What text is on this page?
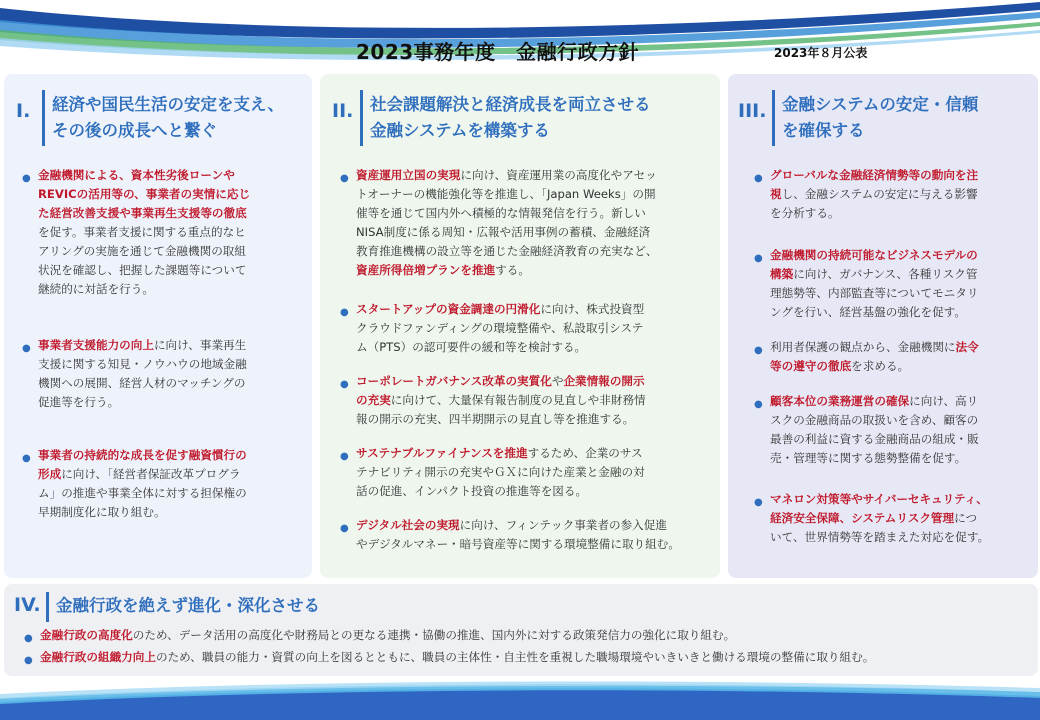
2023事務年度　金融行政方針	2023年８月公表
I. 経済や国民生活の安定を支え、
その後の成長へと繋ぐ
● 金融機関による、資本性劣後ローンや
REVICの活用等の、事業者の実情に応じ
た経営改善支援や事業再生支援等の徹底
を促す。事業者支援に関する重点的なヒ
アリングの実施を通じて金融機関の取組
状況を確認し、把握した課題等について
継続的に対話を行う。
● 事業者支援能力の向上に向け、事業再生
支援に関する知見・ノウハウの地域金融
機関への展開、経営人材のマッチングの
促進等を行う。
● 事業者の持続的な成長を促す融資慣行の
形成に向け、「経営者保証改革プログラ
ム」の推進や事業全体に対する担保権の
早期制度化に取り組む。
II. 社会課題解決と経済成長を両立させる
金融システムを構築する
● 資産運用立国の実現に向け、資産運用業の高度化やアセッ
トオーナーの機能強化等を推進し、「Japan Weeks」の開
催等を通じて国内外へ積極的な情報発信を行う。新しい
NISA制度に係る周知・広報や活用事例の蓄積、金融経済
教育推進機構の設立等を通じた金融経済教育の充実など、
資産所得倍増プランを推進する。
● スタートアップの資金調達の円滑化に向け、株式投資型
クラウドファンディングの環境整備や、私設取引システ
ム（PTS）の認可要件の緩和等を検討する。
● コーポレートガバナンス改革の実質化や企業情報の開示
の充実に向けて、大量保有報告制度の見直しや非財務情
報の開示の充実、四半期開示の見直し等を推進する。
● サステナブルファイナンスを推進するため、企業のサス
テナビリティ開示の充実やＧＸに向けた産業と金融の対
話の促進、インパクト投資の推進等を図る。
● デジタル社会の実現に向け、フィンテック事業者の参入促進
やデジタルマネー・暗号資産等に関する環境整備に取り組む。
III. 金融システムの安定・信頼
を確保する
● グローバルな金融経済情勢等の動向を注
視し、金融システムの安定に与える影響
を分析する。
● 金融機関の持続可能なビジネスモデルの
構築に向け、ガバナンス、各種リスク管
理態勢等、内部監査等についてモニタリ
ングを行い、経営基盤の強化を促す。
● 利用者保護の観点から、金融機関に法令
等の遵守の徹底を求める。
● 顧客本位の業務運営の確保に向け、高リ
スクの金融商品の取扱いを含め、顧客の
最善の利益に資する金融商品の組成・販
売・管理等に関する態勢整備を促す。
● マネロン対策等やサイバーセキュリティ、
経済安全保障、システムリスク管理につ
いて、世界情勢等を踏まえた対応を促す。
IV. 金融行政を絶えず進化・深化させる
● 金融行政の高度化のため、データ活用の高度化や財務局との更なる連携・協働の推進、国内外に対する政策発信力の強化に取り組む。
● 金融行政の組織力向上のため、職員の能力・資質の向上を図るとともに、職員の主体性・自主性を重視した職場環境やいきいきと働ける環境の整備に取り組む。
